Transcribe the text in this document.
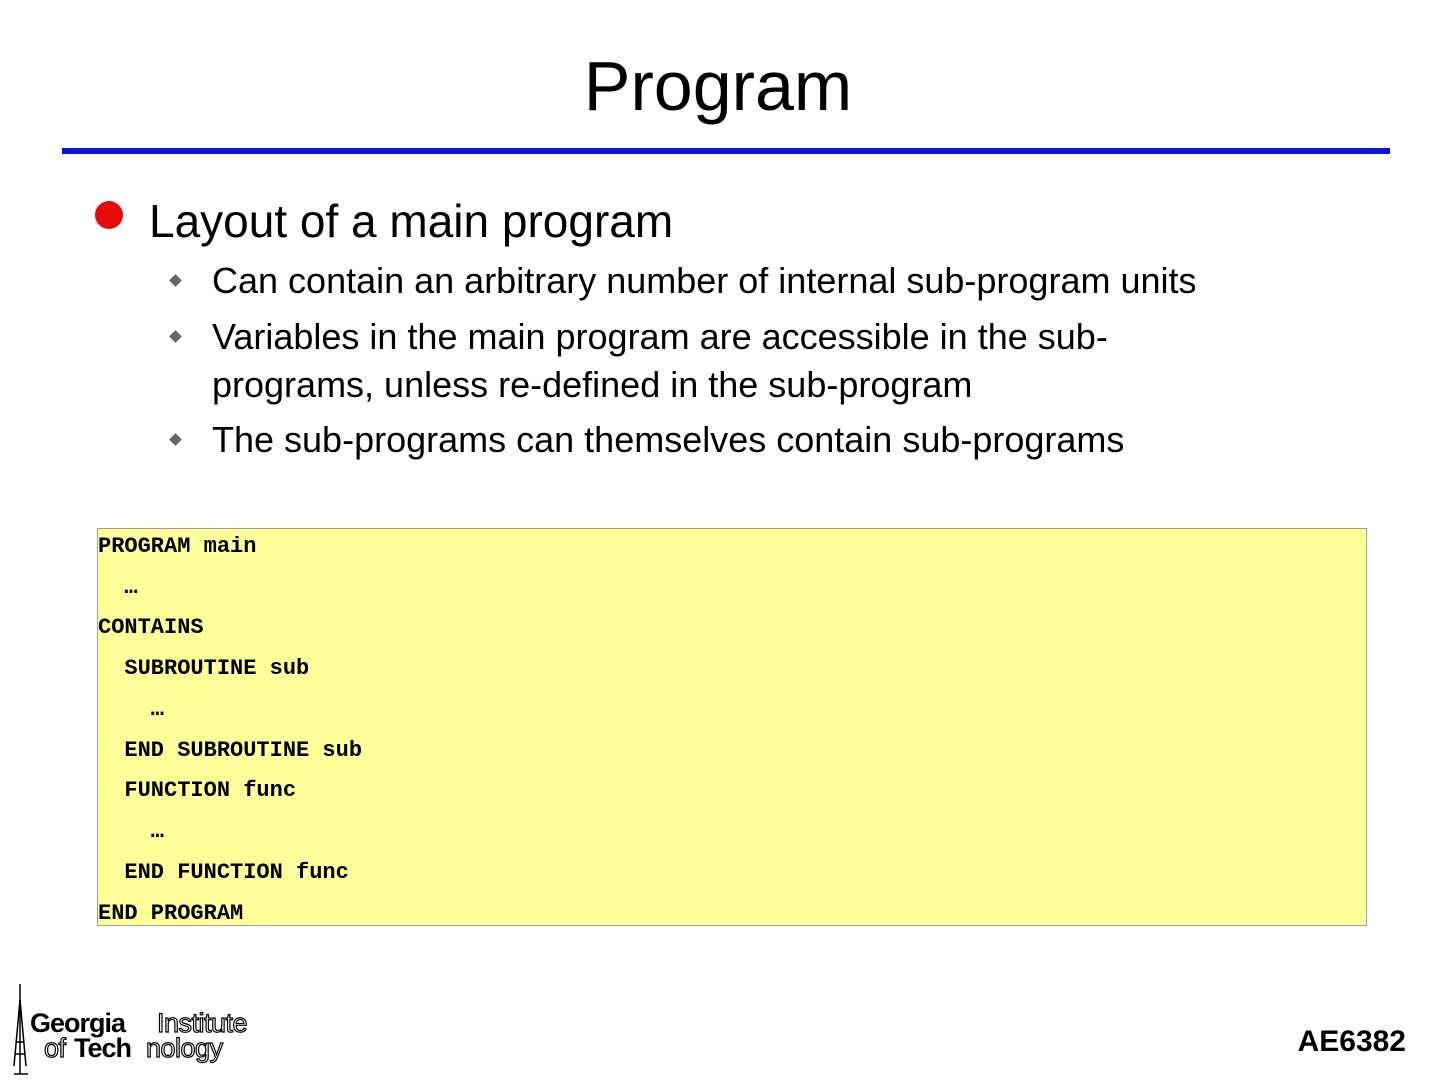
Program
Layout of a main program
Can contain an arbitrary number of internal sub-program units
Variables in the main program are accessible in the sub-programs, unless re-defined in the sub-program
The sub-programs can themselves contain sub-programs
PROGRAM main
…
CONTAINS
SUBROUTINE sub
…
END SUBROUTINE sub
FUNCTION func
…
END FUNCTION func
END PROGRAM
Georgia Institute
of Tech nology	AE6382
